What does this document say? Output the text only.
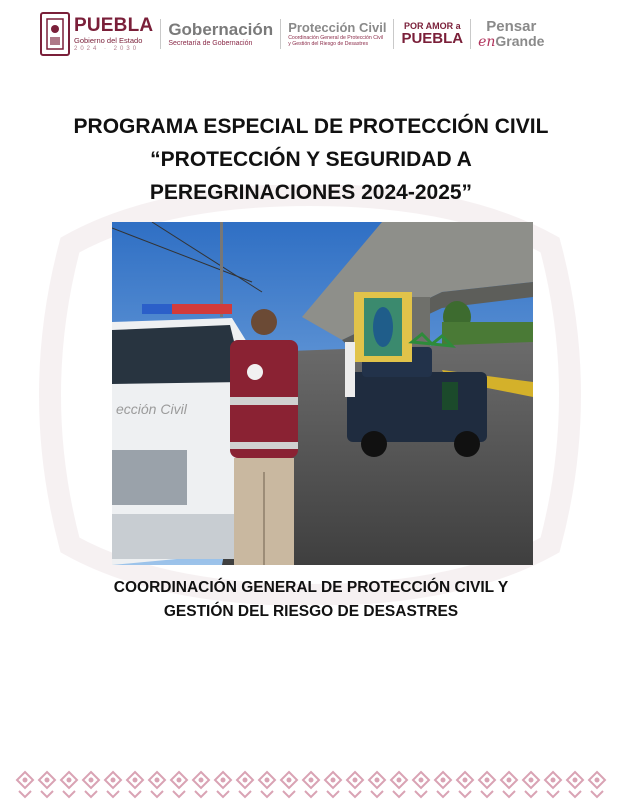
PUEBLA
Gobierno del Estado
2024 · 2030
Gobernación
Secretaría de Gobernación
Protección Civil
Coordinación General de Protección Civil
y Gestión del Riesgo de Desastres
POR AMOR a
PUEBLA
Pensar
enGrande
PROGRAMA ESPECIAL DE PROTECCIÓN CIVIL
“PROTECCIÓN Y SEGURIDAD A
PEREGRINACIONES 2024-2025”
ección Civil
COORDINACIÓN GENERAL DE PROTECCIÓN CIVIL Y
GESTIÓN DEL RIESGO DE DESASTRES
